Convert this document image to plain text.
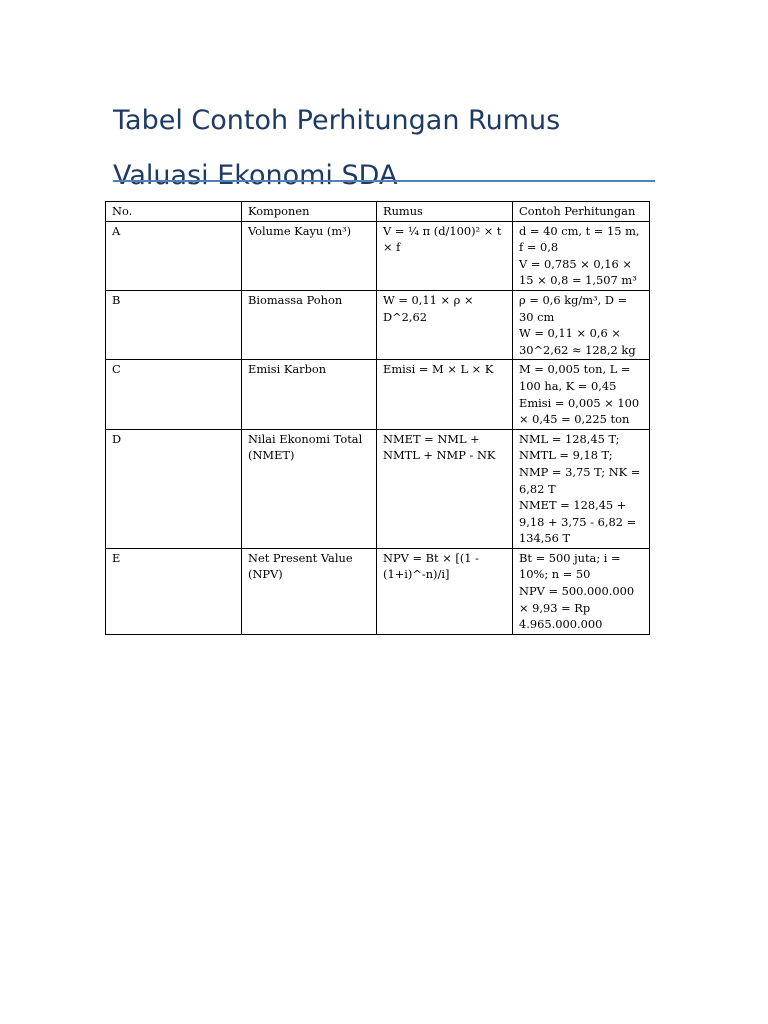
Tabel Contoh Perhitungan Rumus
Valuasi Ekonomi SDA
No.	Komponen	Rumus	Contoh Perhitungan
A	Volume Kayu (m³)	V = ¼ π (d/100)² × t × f	d = 40 cm, t = 15 m, f = 0,8
V = 0,785 × 0,16 × 15 × 0,8 = 1,507 m³

B	Biomassa Pohon	W = 0,11 × ρ × D^2,62	ρ = 0,6 kg/m³, D = 30 cm
W = 0,11 × 0,6 × 30^2,62 ≈ 128,2 kg

C	Emisi Karbon	Emisi = M × L × K	M = 0,005 ton, L = 100 ha, K = 0,45
Emisi = 0,005 × 100 × 0,45 = 0,225 ton

D	Nilai Ekonomi Total (NMET)	NMET = NML + NMTL + NMP - NK	NML = 128,45 T; NMTL = 9,18 T; NMP = 3,75 T; NK = 6,82 T
NMET = 128,45 + 9,18 + 3,75 - 6,82 = 134,56 T

E	Net Present Value (NPV)	NPV = Bt × [(1 - (1+i)^-n)/i]	Bt = 500 juta; i = 10%; n = 50
NPV = 500.000.000 × 9,93 = Rp 4.965.000.000
